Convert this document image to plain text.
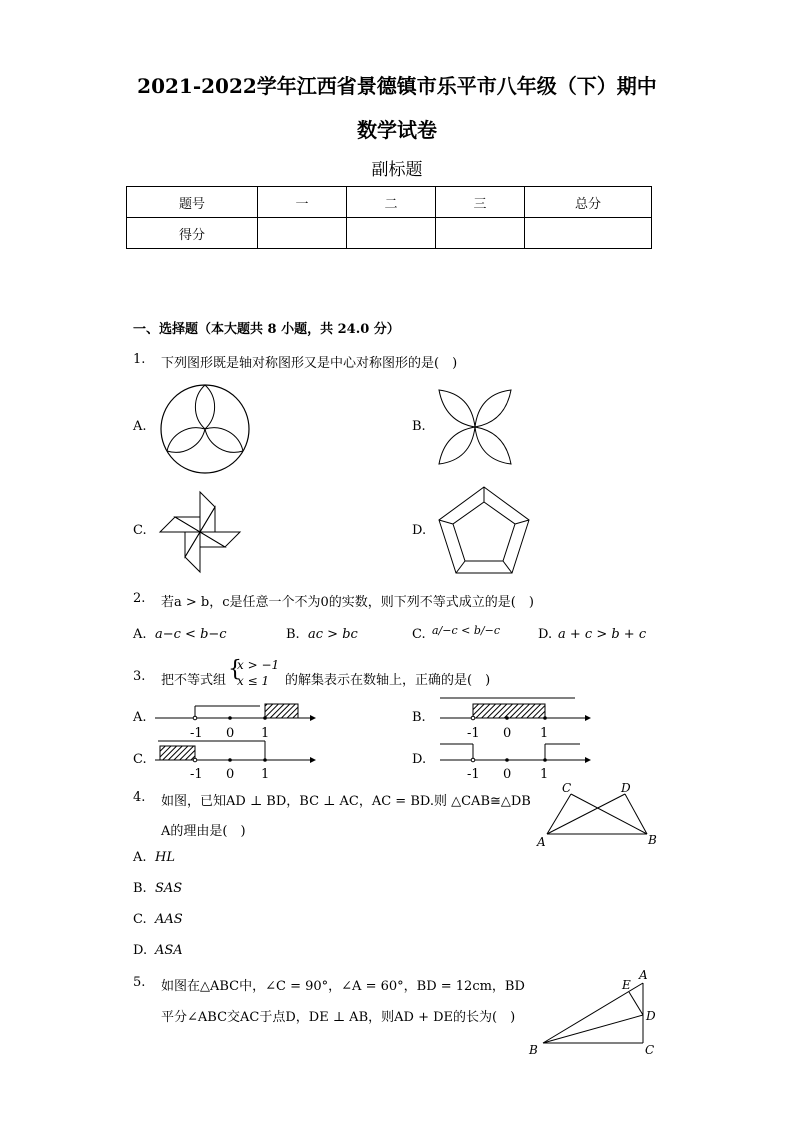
2021-2022学年江西省景德镇市乐平市八年级（下）期中
数学试卷
副标题
题号	一	二	三	总分
得分				
一、选择题（本大题共 8 小题，共 24.0 分）
1. 下列图形既是轴对称图形又是中心对称图形的是(　)
A.	B.
C.	D.
2. 若a > b，c是任意一个不为0的实数，则下列不等式成立的是(　)
A. a−c < b−c	B. ac > bc	C. a/−c < b/−c	D. a + c > b + c
3. 把不等式组 {
x > −1
x ≤ 1 的解集表示在数轴上，正确的是(　)
A.
-1 0 1
B.
-1 0 1
C.
-1 0 1
D.
-1 0 1
4. 如图，已知AD ⊥ BD，BC ⊥ AC，AC = BD.则 △CAB≅△DB
A的理由是(　)
C	D
A	B
A. HL
B. SAS
C. AAS
D. ASA
5. 如图在△ABC中，∠C = 90°，∠A = 60°，BD = 12cm，BD
平分∠ABC交AC于点D，DE ⊥ AB，则AD + DE的长为(　)
A
E
D
B	C
